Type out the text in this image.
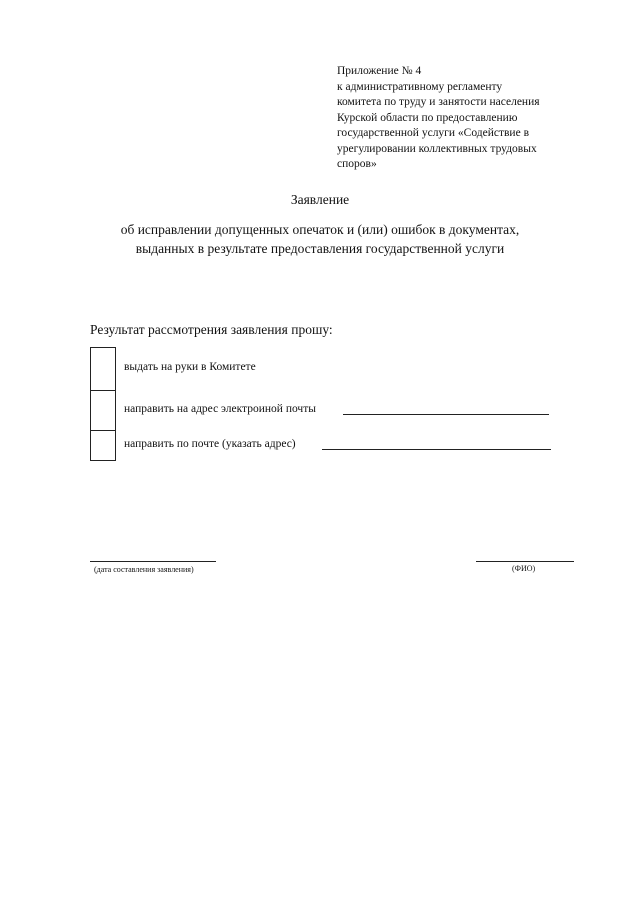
Приложение № 4
к административному регламенту
комитета по труду и занятости населения
Курской области по предоставлению
государственной услуги «Содействие в
урегулировании коллективных трудовых
споров»
Заявление
об исправлении допущенных опечаток и (или) ошибок в документах,
выданных в результате предоставления государственной услуги
Результат рассмотрения заявления прошу:
выдать на руки в Комитете
направить на адрес электроиной почты
направить по почте (указать адрес)
(дата составления заявления)	(ФИО)
